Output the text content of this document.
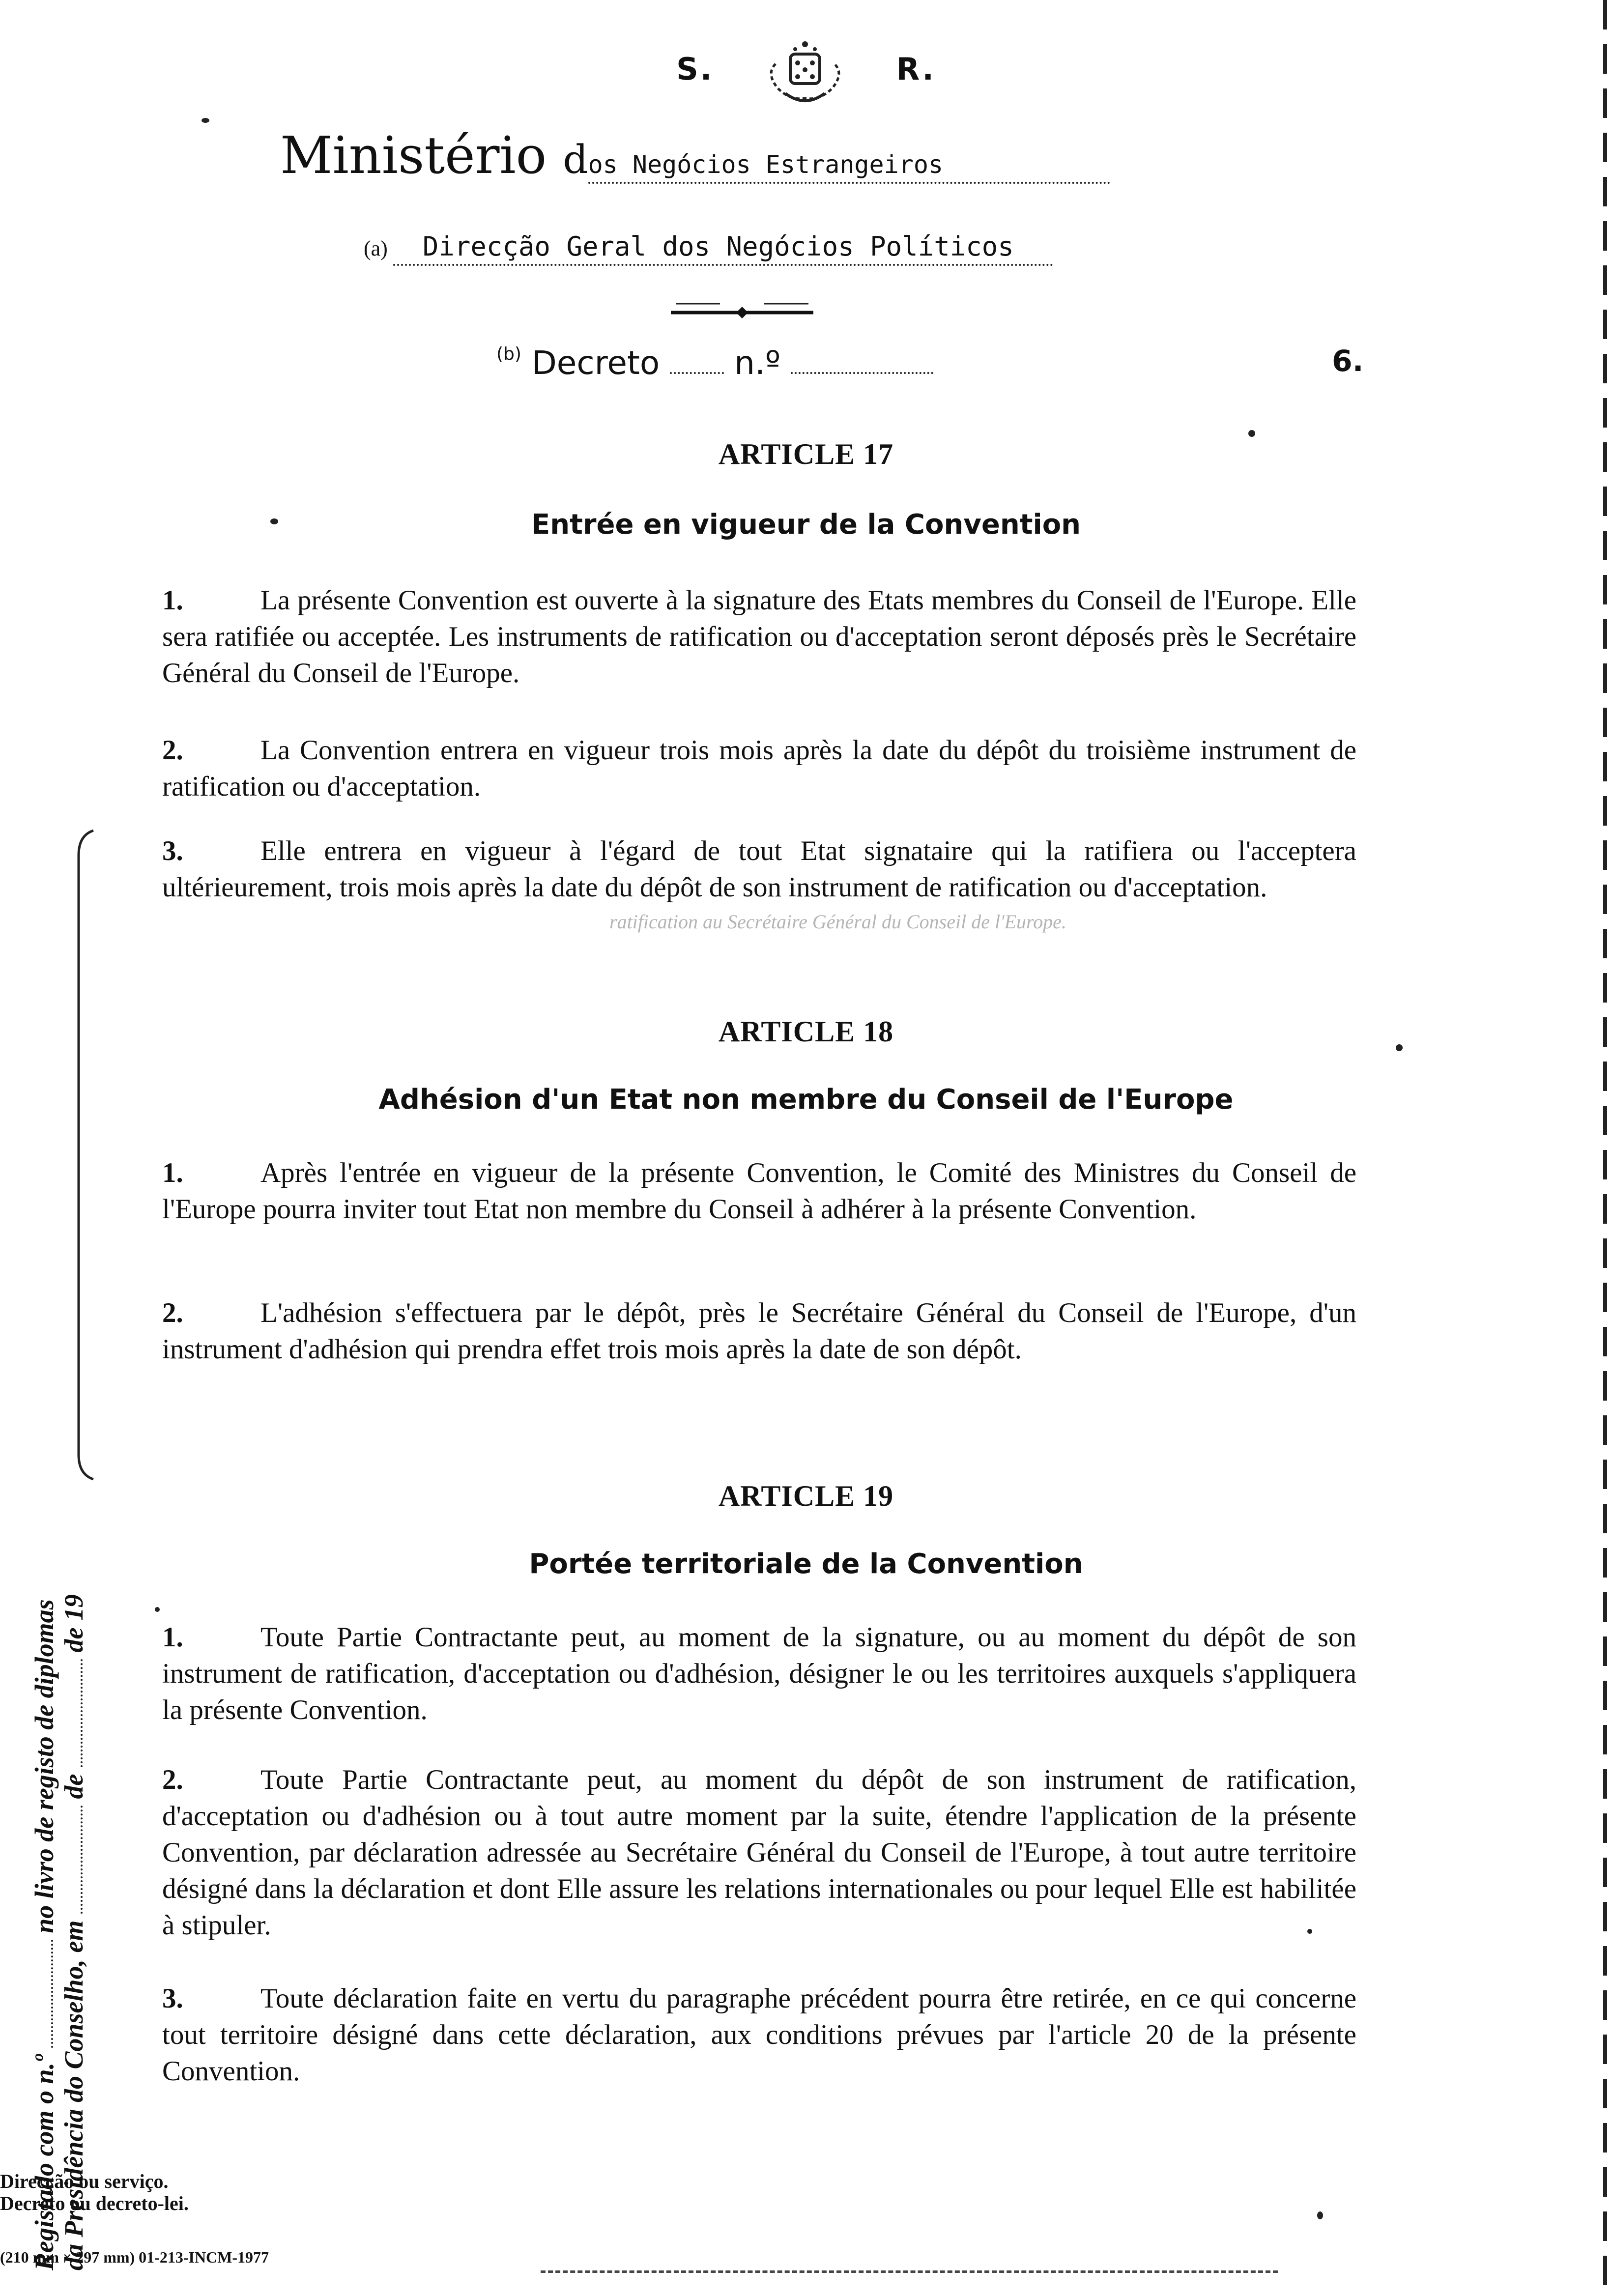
S.	R.
Ministério dos Negócios Estrangeiros
(a) Direcção Geral dos Negócios Políticos
$^{(b)}$ Decreto n.º	6.
ARTICLE 17
Entrée en vigueur de la Convention
1.	La présente Convention est ouverte à la signature des Etats membres du Conseil de l'Europe. Elle sera ratifiée ou acceptée. Les instruments de ratification ou d'acceptation seront déposés près le Secrétaire Général du Conseil de l'Europe.
2.	La Convention entrera en vigueur trois mois après la date du dépôt du troisième instrument de ratification ou d'acceptation.
3.	Elle entrera en vigueur à l'égard de tout Etat signataire qui la ratifiera ou l'acceptera ultérieurement, trois mois après la date du dépôt de son instrument de ratification ou d'acceptation.
ratification au Secrétaire Général du Conseil de l'Europe.
ARTICLE 18
Adhésion d'un Etat non membre du Conseil de l'Europe
1.	Après l'entrée en vigueur de la présente Convention, le Comité des Ministres du Conseil de l'Europe pourra inviter tout Etat non membre du Conseil à adhérer à la présente Convention.
2.	L'adhésion s'effectuera par le dépôt, près le Secrétaire Général du Conseil de l'Europe, d'un instrument d'adhésion qui prendra effet trois mois après la date de son dépôt.
ARTICLE 19
Portée territoriale de la Convention
1.	Toute Partie Contractante peut, au moment de la signature, ou au moment du dépôt de son instrument de ratification, d'acceptation ou d'adhésion, désigner le ou les territoires auxquels s'appliquera la présente Convention.
2.	Toute Partie Contractante peut, au moment du dépôt de son instrument de ratification, d'acceptation ou d'adhésion ou à tout autre moment par la suite, étendre l'application de la présente Convention, par déclaration adressée au Secrétaire Général du Conseil de l'Europe, à tout autre territoire désigné dans la déclaration et dont Elle assure les relations internationales ou pour lequel Elle est habilitée à stipuler.
3.	Toute déclaration faite en vertu du paragraphe précédent pourra être retirée, en ce qui concerne tout territoire désigné dans cette déclaration, aux conditions prévues par l'article 20 de la présente Convention.
Registado com o n.º  no livro de registo de diplomas
da Presidência do Conselho, em  de  de 19
Direcção ou serviço.
Decreto ou decreto-lei.
(210 mm × 297 mm) 01-213-INCM-1977
